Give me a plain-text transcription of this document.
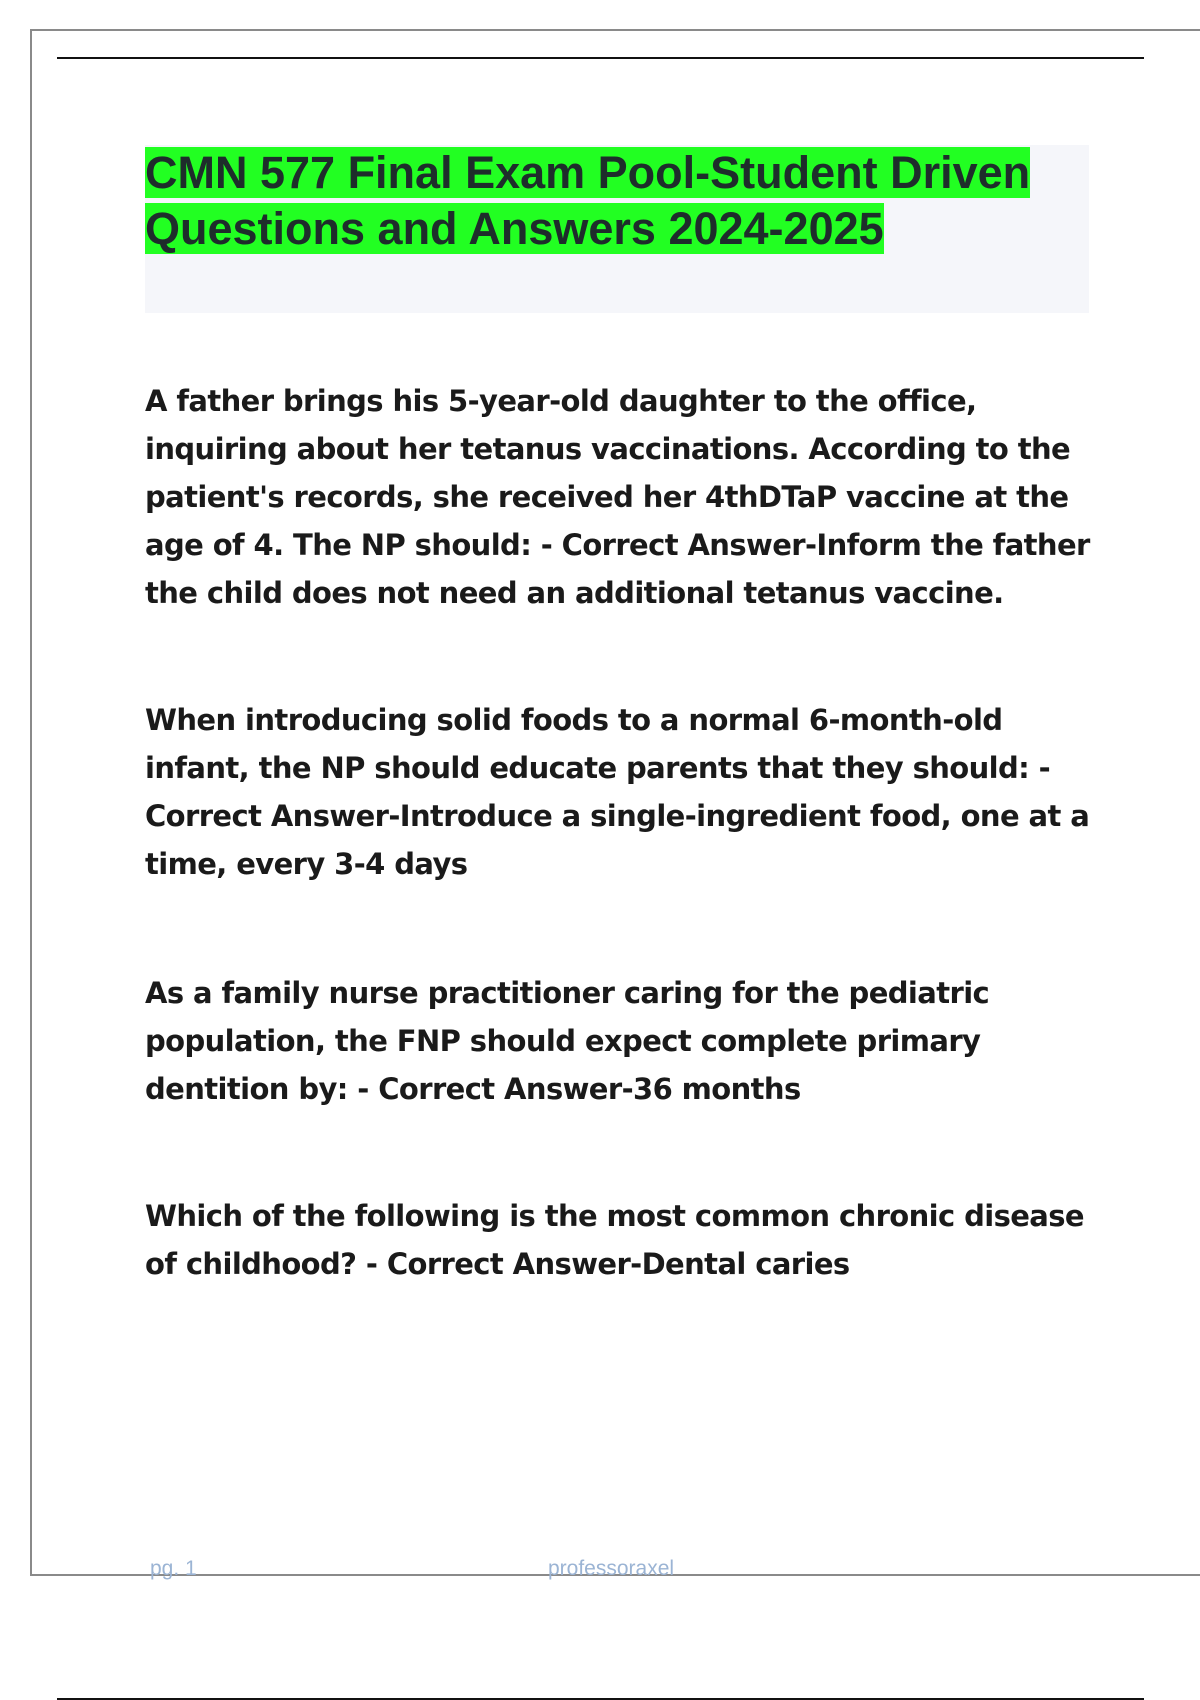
CMN 577 Final Exam Pool-Student Driven Questions and Answers 2024-2025

A father brings his 5-year-old daughter to the office, inquiring about her tetanus vaccinations. According to the patient's records, she received her 4thDTaP vaccine at the age of 4. The NP should: - Correct Answer-Inform the father the child does not need an additional tetanus vaccine.

When introducing solid foods to a normal 6-month-old infant, the NP should educate parents that they should: - Correct Answer-Introduce a single-ingredient food, one at a time, every 3-4 days

As a family nurse practitioner caring for the pediatric population, the FNP should expect complete primary dentition by: - Correct Answer-36 months

Which of the following is the most common chronic disease of childhood? - Correct Answer-Dental caries

pg. 1	professoraxel
